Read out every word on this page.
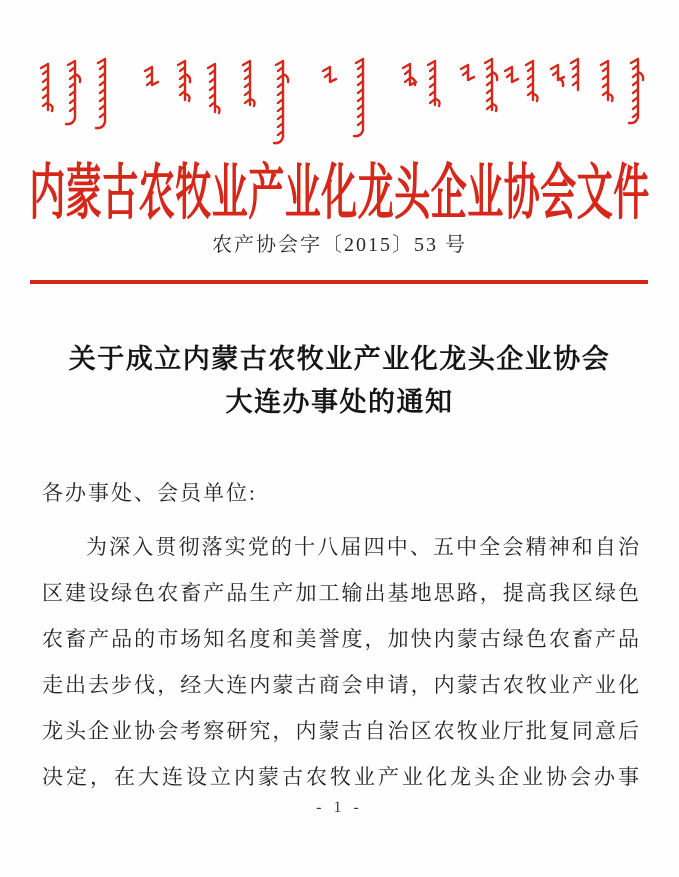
内蒙古农牧业产业化龙头企业协会文件
农产协会字〔2015〕53 号
关于成立内蒙古农牧业产业化龙头企业协会
大连办事处的通知
各办事处、会员单位:
为深入贯彻落实党的十八届四中、五中全会精神和自治
区建设绿色农畜产品生产加工输出基地思路，提高我区绿色
农畜产品的市场知名度和美誉度，加快内蒙古绿色农畜产品
走出去步伐，经大连内蒙古商会申请，内蒙古农牧业产业化
龙头企业协会考察研究，内蒙古自治区农牧业厅批复同意后
决定，在大连设立内蒙古农牧业产业化龙头企业协会办事
- 1 -
